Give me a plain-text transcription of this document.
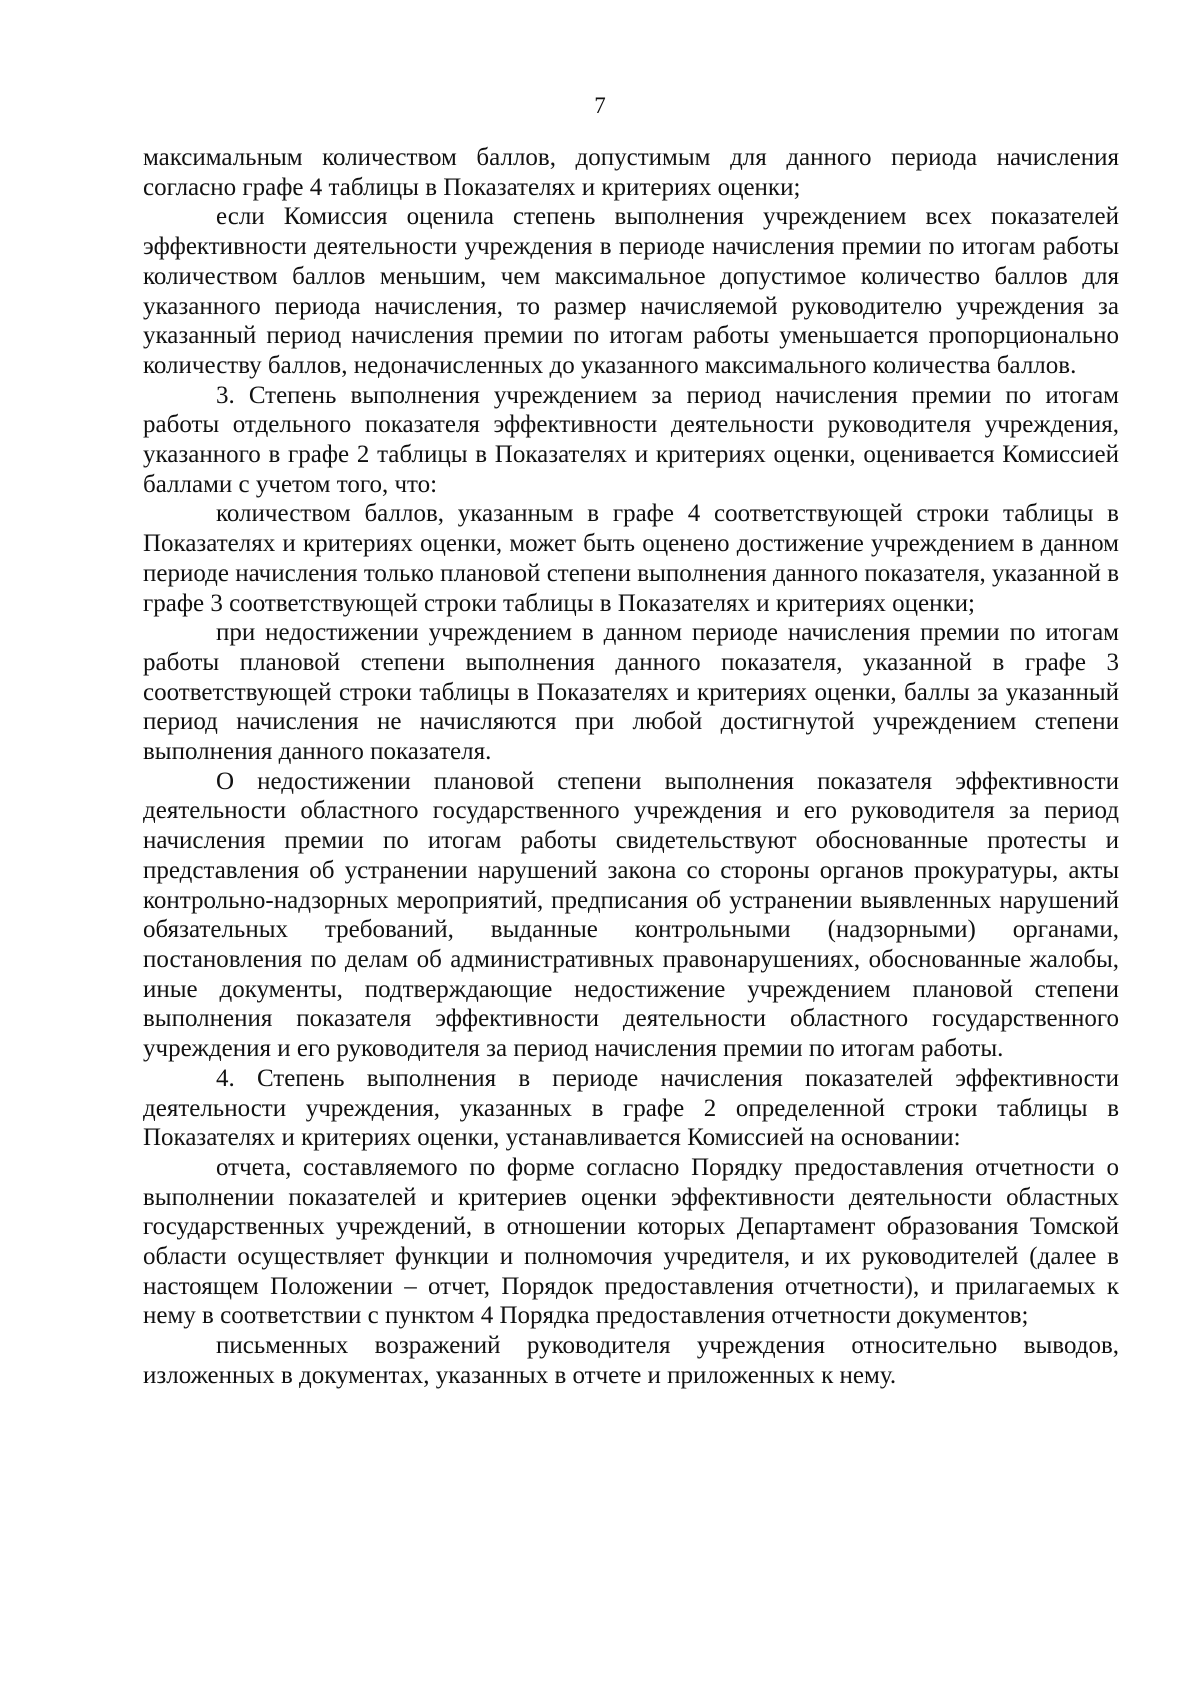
7

максимальным количеством баллов, допустимым для данного периода начисления согласно графе 4 таблицы в Показателях и критериях оценки;

если Комиссия оценила степень выполнения учреждением всех показателей эффективности деятельности учреждения в периоде начисления премии по итогам работы количеством баллов меньшим, чем максимальное допустимое количество баллов для указанного периода начисления, то размер начисляемой руководителю учреждения за указанный период начисления премии по итогам работы уменьшается пропорционально количеству баллов, недоначисленных до указанного максимального количества баллов.

3. Степень выполнения учреждением за период начисления премии по итогам работы отдельного показателя эффективности деятельности руководителя учреждения, указанного в графе 2 таблицы в Показателях и критериях оценки, оценивается Комиссией баллами с учетом того, что:

количеством баллов, указанным в графе 4 соответствующей строки таблицы в Показателях и критериях оценки, может быть оценено достижение учреждением в данном периоде начисления только плановой степени выполнения данного показателя, указанной в графе 3 соответствующей строки таблицы в Показателях и критериях оценки;

при недостижении учреждением в данном периоде начисления премии по итогам работы плановой степени выполнения данного показателя, указанной в графе 3 соответствующей строки таблицы в Показателях и критериях оценки, баллы за указанный период начисления не начисляются при любой достигнутой учреждением степени выполнения данного показателя.

О недостижении плановой степени выполнения показателя эффективности деятельности областного государственного учреждения и его руководителя за период начисления премии по итогам работы свидетельствуют обоснованные протесты и представления об устранении нарушений закона со стороны органов прокуратуры, акты контрольно-надзорных мероприятий, предписания об устранении выявленных нарушений обязательных требований, выданные контрольными (надзорными) органами, постановления по делам об административных правонарушениях, обоснованные жалобы, иные документы, подтверждающие недостижение учреждением плановой степени выполнения показателя эффективности деятельности областного государственного учреждения и его руководителя за период начисления премии по итогам работы.

4. Степень выполнения в периоде начисления показателей эффективности деятельности учреждения, указанных в графе 2 определенной строки таблицы в Показателях и критериях оценки, устанавливается Комиссией на основании:

отчета, составляемого по форме согласно Порядку предоставления отчетности о выполнении показателей и критериев оценки эффективности деятельности областных государственных учреждений, в отношении которых Департамент образования Томской области осуществляет функции и полномочия учредителя, и их руководителей (далее в настоящем Положении – отчет, Порядок предоставления отчетности), и прилагаемых к нему в соответствии с пунктом 4 Порядка предоставления отчетности документов;

письменных возражений руководителя учреждения относительно выводов, изложенных в документах, указанных в отчете и приложенных к нему.
